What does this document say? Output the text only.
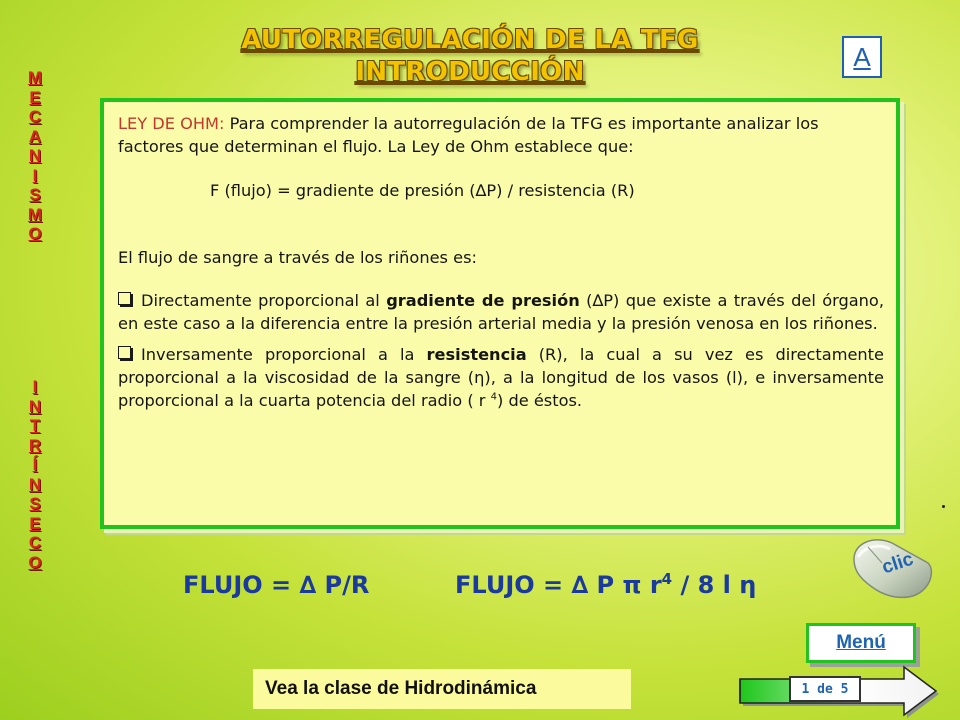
AUTORREGULACIÓN DE LA TFG
INTRODUCCIÓN
A
M
E
C
A
N
I
S
M
O
I
N
T
R
Í
N
S
E
C
O

LEY DE OHM: Para comprender la autorregulación de la TFG es importante analizar los factores que determinan el flujo. La Ley de Ohm establece que:

F (flujo) = gradiente de presión (∆P) / resistencia (R)

El flujo de sangre a través de los riñones es:

Directamente proporcional al gradiente de presión (∆P) que existe a través del órgano, en este caso a la diferencia entre la presión arterial media y la presión venosa en los riñones.

Inversamente proporcional a la resistencia (R), la cual a su vez es directamente proporcional a la viscosidad de la sangre (η), a la longitud de los vasos (l), e inversamente proporcional a la cuarta potencia del radio ( r $^4$) de éstos.

clic
FLUJO = ∆ P/R	FLUJO = ∆ P π $r^4 / 8$ l η
Menú
Vea la clase de Hidrodinámica	1 de 5
